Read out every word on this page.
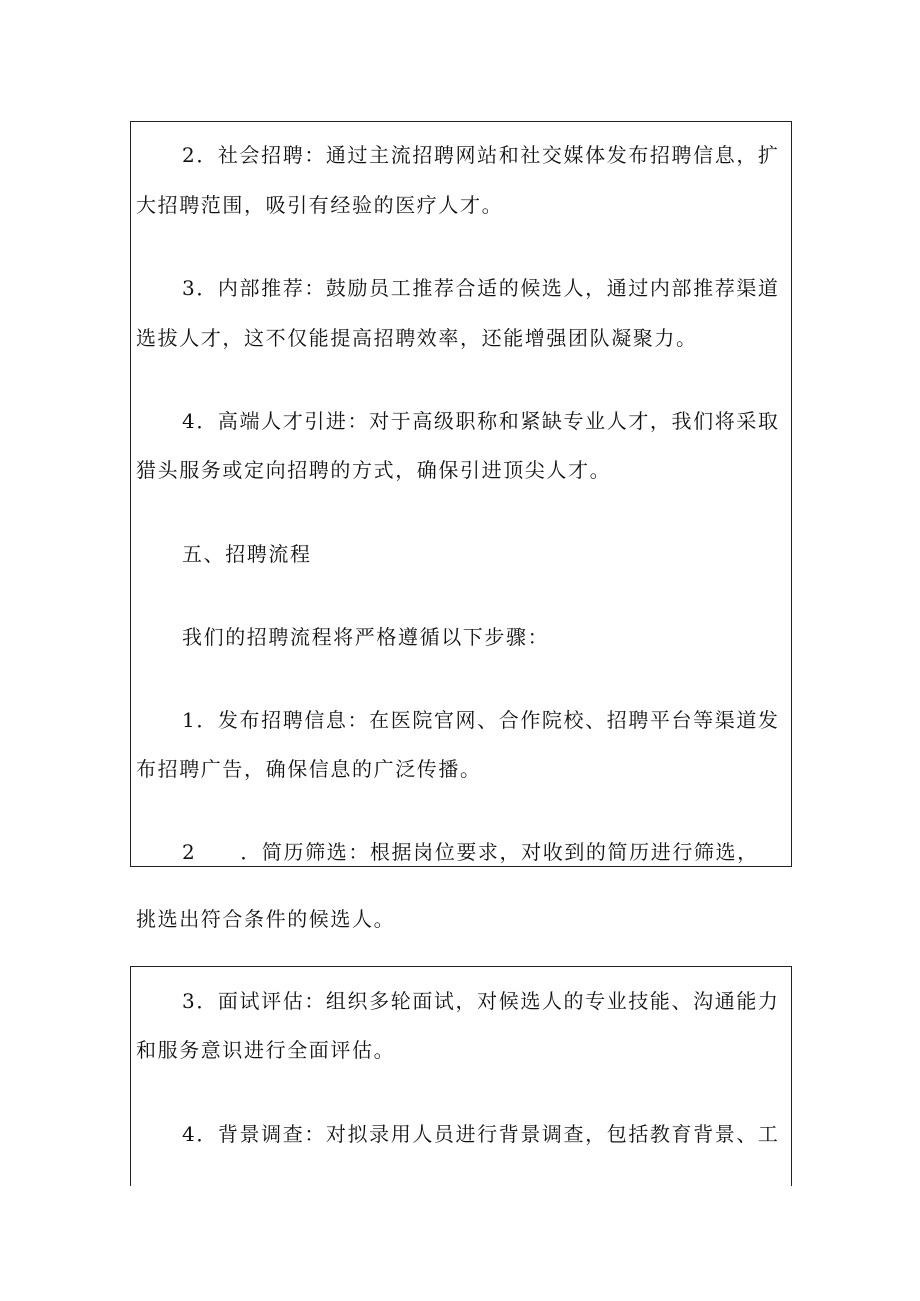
2．社会招聘：通过主流招聘网站和社交媒体发布招聘信息，扩
大招聘范围，吸引有经验的医疗人才。
3．内部推荐：鼓励员工推荐合适的候选人，通过内部推荐渠道
选拔人才，这不仅能提高招聘效率，还能增强团队凝聚力。
4．高端人才引进：对于高级职称和紧缺专业人才，我们将采取
猎头服务或定向招聘的方式，确保引进顶尖人才。
五、招聘流程
我们的招聘流程将严格遵循以下步骤：
1．发布招聘信息：在医院官网、合作院校、招聘平台等渠道发
布招聘广告，确保信息的广泛传播。
2 ．简历筛选：根据岗位要求，对收到的简历进行筛选，
挑选出符合条件的候选人。
3．面试评估：组织多轮面试，对候选人的专业技能、沟通能力
和服务意识进行全面评估。
4．背景调查：对拟录用人员进行背景调查，包括教育背景、工
